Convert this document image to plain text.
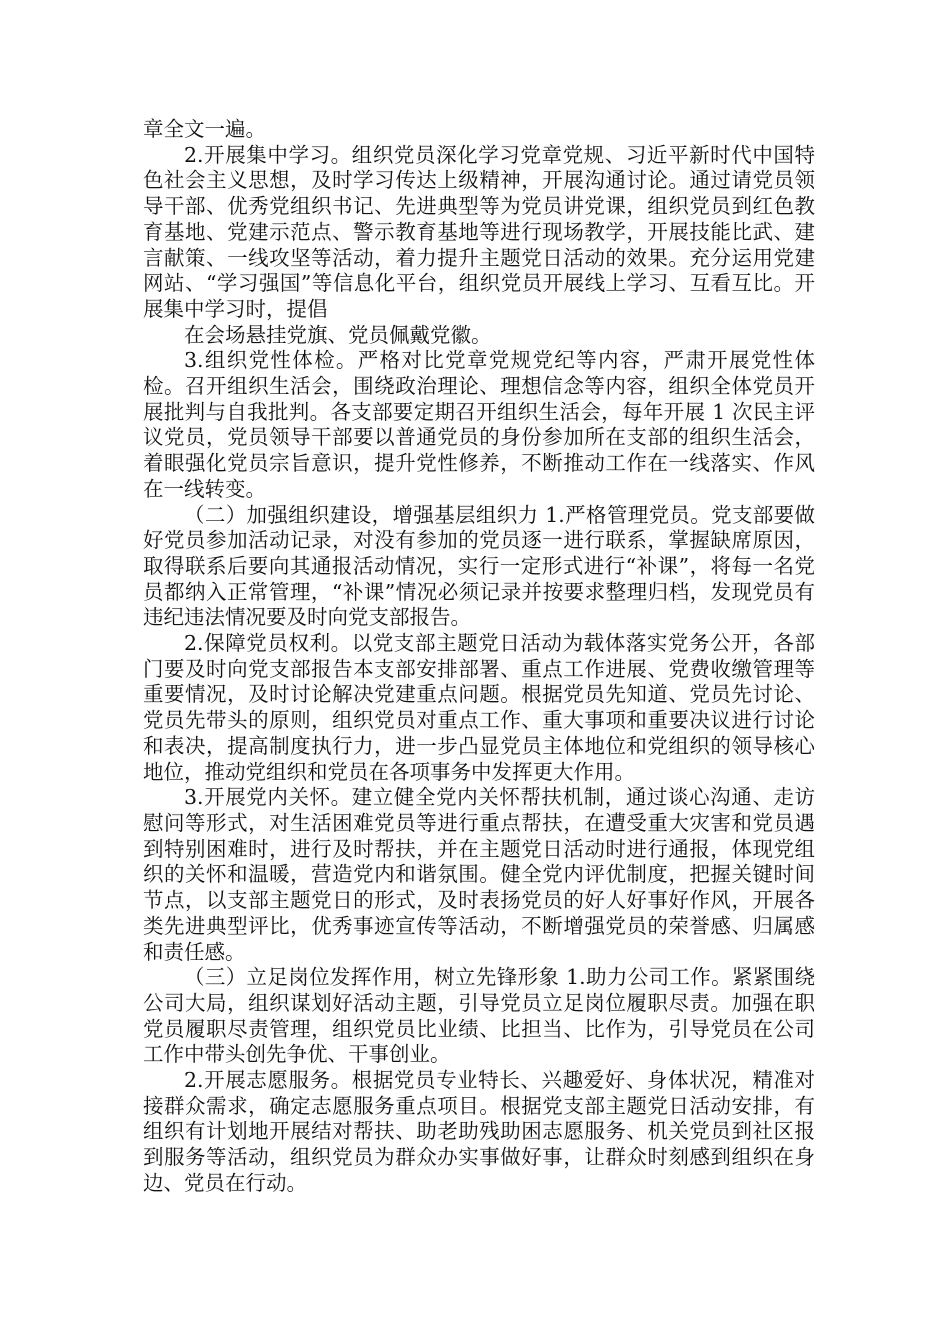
章全文一遍。

2.开展集中学习。组织党员深化学习党章党规、习近平新时代中国特色社会主义思想，及时学习传达上级精神，开展沟通讨论。通过请党员领导干部、优秀党组织书记、先进典型等为党员讲党课，组织党员到红色教育基地、党建示范点、警示教育基地等进行现场教学，开展技能比武、建言献策、一线攻坚等活动，着力提升主题党日活动的效果。充分运用党建网站、“学习强国”等信息化平台，组织党员开展线上学习、互看互比。开展集中学习时，提倡

在会场悬挂党旗、党员佩戴党徽。

3.组织党性体检。严格对比党章党规党纪等内容，严肃开展党性体检。召开组织生活会，围绕政治理论、理想信念等内容，组织全体党员开展批判与自我批判。各支部要定期召开组织生活会，每年开展 1 次民主评议党员，党员领导干部要以普通党员的身份参加所在支部的组织生活会，着眼强化党员宗旨意识，提升党性修养，不断推动工作在一线落实、作风在一线转变。

（二）加强组织建设，增强基层组织力 1.严格管理党员。党支部要做好党员参加活动记录，对没有参加的党员逐一进行联系，掌握缺席原因，取得联系后要向其通报活动情况，实行一定形式进行“补课”，将每一名党员都纳入正常管理，“补课”情况必须记录并按要求整理归档，发现党员有违纪违法情况要及时向党支部报告。

2.保障党员权利。以党支部主题党日活动为载体落实党务公开，各部门要及时向党支部报告本支部安排部署、重点工作进展、党费收缴管理等重要情况，及时讨论解决党建重点问题。根据党员先知道、党员先讨论、党员先带头的原则，组织党员对重点工作、重大事项和重要决议进行讨论和表决，提高制度执行力，进一步凸显党员主体地位和党组织的领导核心地位，推动党组织和党员在各项事务中发挥更大作用。

3.开展党内关怀。建立健全党内关怀帮扶机制，通过谈心沟通、走访慰问等形式，对生活困难党员等进行重点帮扶，在遭受重大灾害和党员遇到特别困难时，进行及时帮扶，并在主题党日活动时进行通报，体现党组织的关怀和温暖，营造党内和谐氛围。健全党内评优制度，把握关键时间节点，以支部主题党日的形式，及时表扬党员的好人好事好作风，开展各类先进典型评比，优秀事迹宣传等活动，不断增强党员的荣誉感、归属感和责任感。

（三）立足岗位发挥作用，树立先锋形象 1.助力公司工作。紧紧围绕公司大局，组织谋划好活动主题，引导党员立足岗位履职尽责。加强在职党员履职尽责管理，组织党员比业绩、比担当、比作为，引导党员在公司工作中带头创先争优、干事创业。

2.开展志愿服务。根据党员专业特长、兴趣爱好、身体状况，精准对接群众需求，确定志愿服务重点项目。根据党支部主题党日活动安排，有组织有计划地开展结对帮扶、助老助残助困志愿服务、机关党员到社区报到服务等活动，组织党员为群众办实事做好事，让群众时刻感到组织在身边、党员在行动。
